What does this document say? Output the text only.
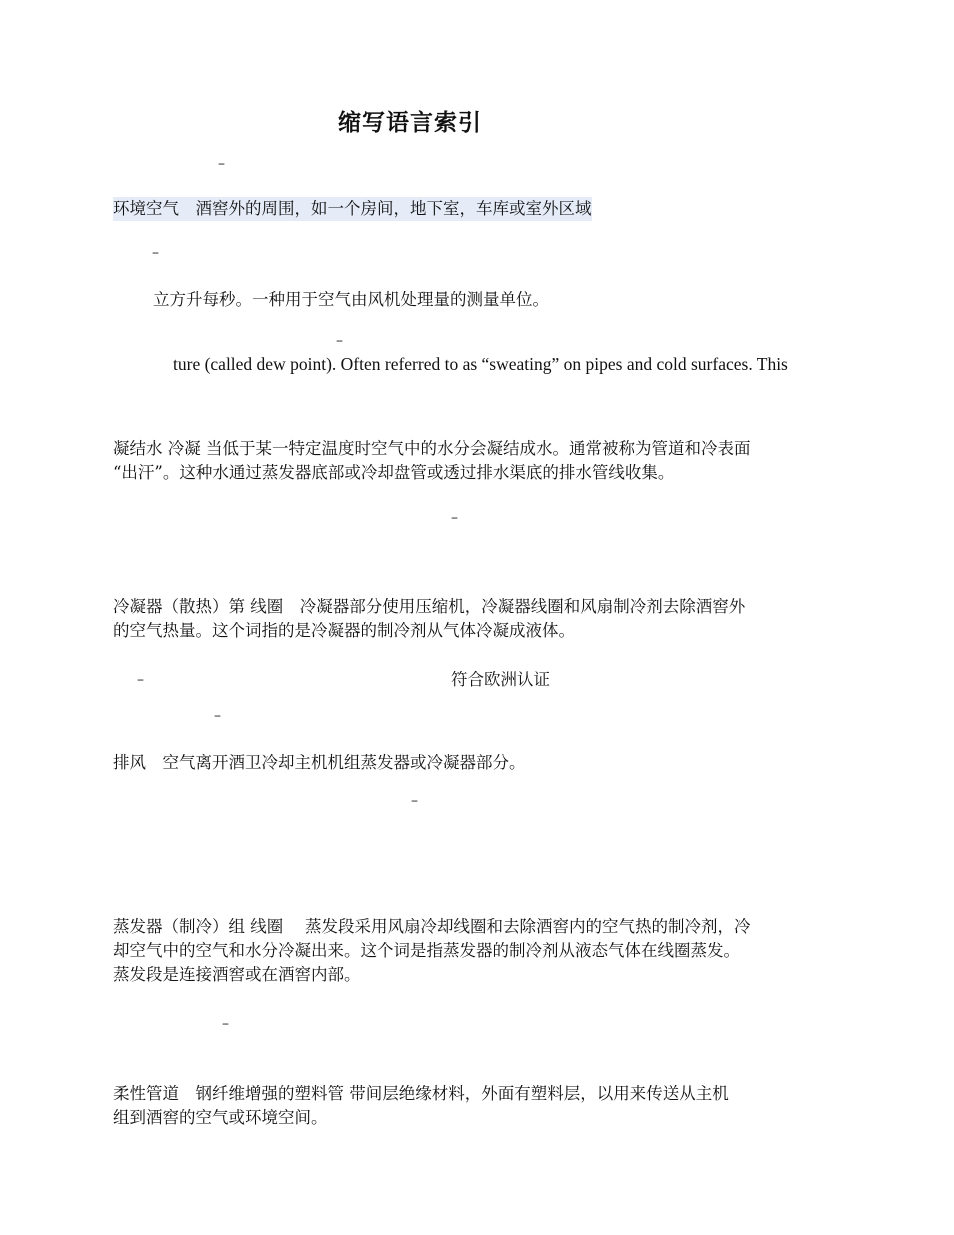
缩写语言索引
–

环境空气　酒窖外的周围，如一个房间，地下室，车库或室外区域

–

立方升每秒。一种用于空气由风机处理量的测量单位。

–

ture (called dew point). Often referred to as “sweating” on pipes and cold surfaces. This

凝结水 冷凝 当低于某一特定温度时空气中的水分会凝结成水。通常被称为管道和冷表面
“出汗”。这种水通过蒸发器底部或冷却盘管或透过排水渠底的排水管线收集。
–
冷凝器（散热）第 线圈　冷凝器部分使用压缩机，冷凝器线圈和风扇制冷剂去除酒窖外
的空气热量。这个词指的是冷凝器的制冷剂从气体冷凝成液体。
–	符合欧洲认证

–

排风　空气离开酒卫冷却主机机组蒸发器或冷凝器部分。

–
蒸发器（制冷）组 线圈　 蒸发段采用风扇冷却线圈和去除酒窖内的空气热的制冷剂，冷
却空气中的空气和水分冷凝出来。这个词是指蒸发器的制冷剂从液态气体在线圈蒸发。
蒸发段是连接酒窖或在酒窖内部。
–
柔性管道　钢纤维增强的塑料管 带间层绝缘材料，外面有塑料层，以用来传送从主机
组到酒窖的空气或环境空间。
